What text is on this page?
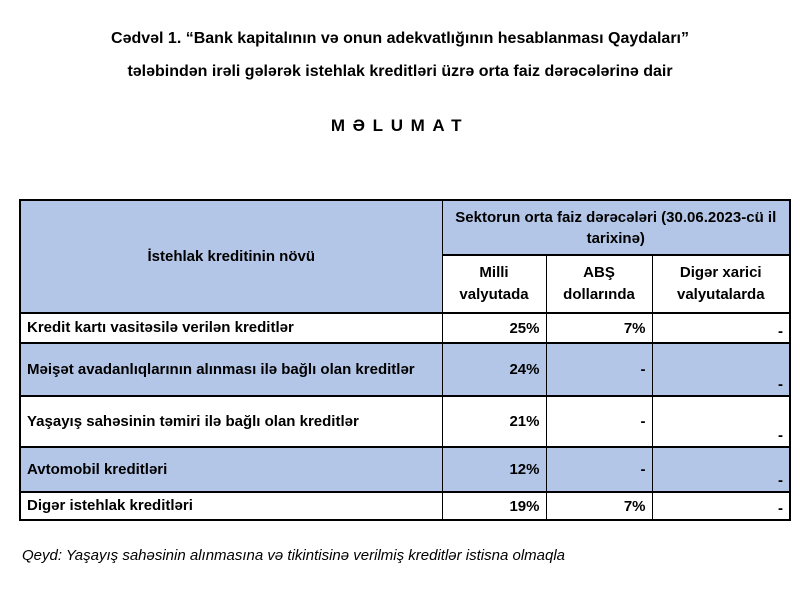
Cədvəl 1. “Bank kapitalının və onun adekvatlığının hesablanması Qaydaları”
tələbindən irəli gələrək istehlak kreditləri üzrə orta faiz dərəcələrinə dair
MƏLUMAT
İstehlak kreditinin növü	Sektorun orta faiz dərəcələri (30.06.2023-cü il tarixinə)		
	Milli valyutada	ABŞ dollarında	Digər xarici valyutalarda
Kredit kartı vasitəsilə verilən kreditlər	25%	7%	-
Məişət avadanlıqlarının alınması ilə bağlı olan kreditlər	24%	-	-
Yaşayış sahəsinin təmiri ilə bağlı olan kreditlər	21%	-	-
Avtomobil kreditləri	12%	-	-
Digər istehlak kreditləri	19%	7%	-
Qeyd: Yaşayış sahəsinin alınmasına və tikintisinə verilmiş kreditlər istisna olmaqla
